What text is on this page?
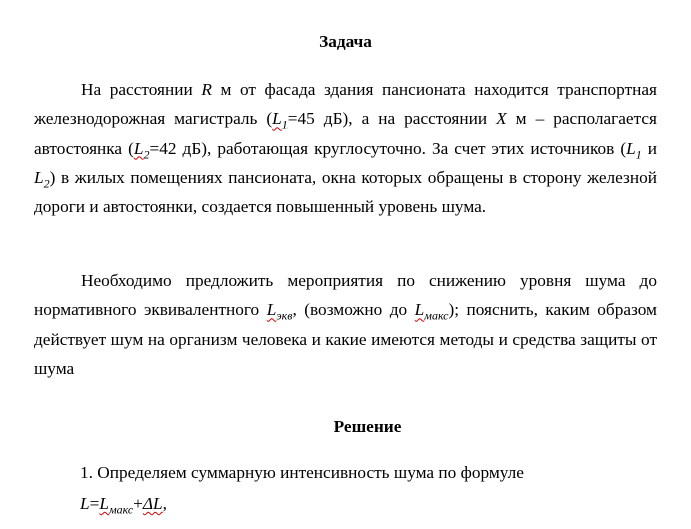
Задача

На расстоянии R м от фасада здания пансионата находится транспортная железнодорожная магистраль ($L_1=45$ дБ), а на расстоянии X м – располагается автостоянка ($L_2=42$ дБ), работающая круглосуточно. За счет этих источников ($L_1$ и $L_2$) в жилых помещениях пансионата, окна которых обращены в сторону железной дороги и автостоянки, создается повышенный уровень шума.

Необходимо предложить мероприятия по снижению уровня шума до нормативного эквивалентного $L_{экв}$, (возможно до $L_{макс}$); пояснить, каким образом действует шум на организм человека и какие имеются методы и средства защиты от шума

Решение
1. Определяем суммарную интенсивность шума по формуле
$L=L_{макс}+\Delta L$,
